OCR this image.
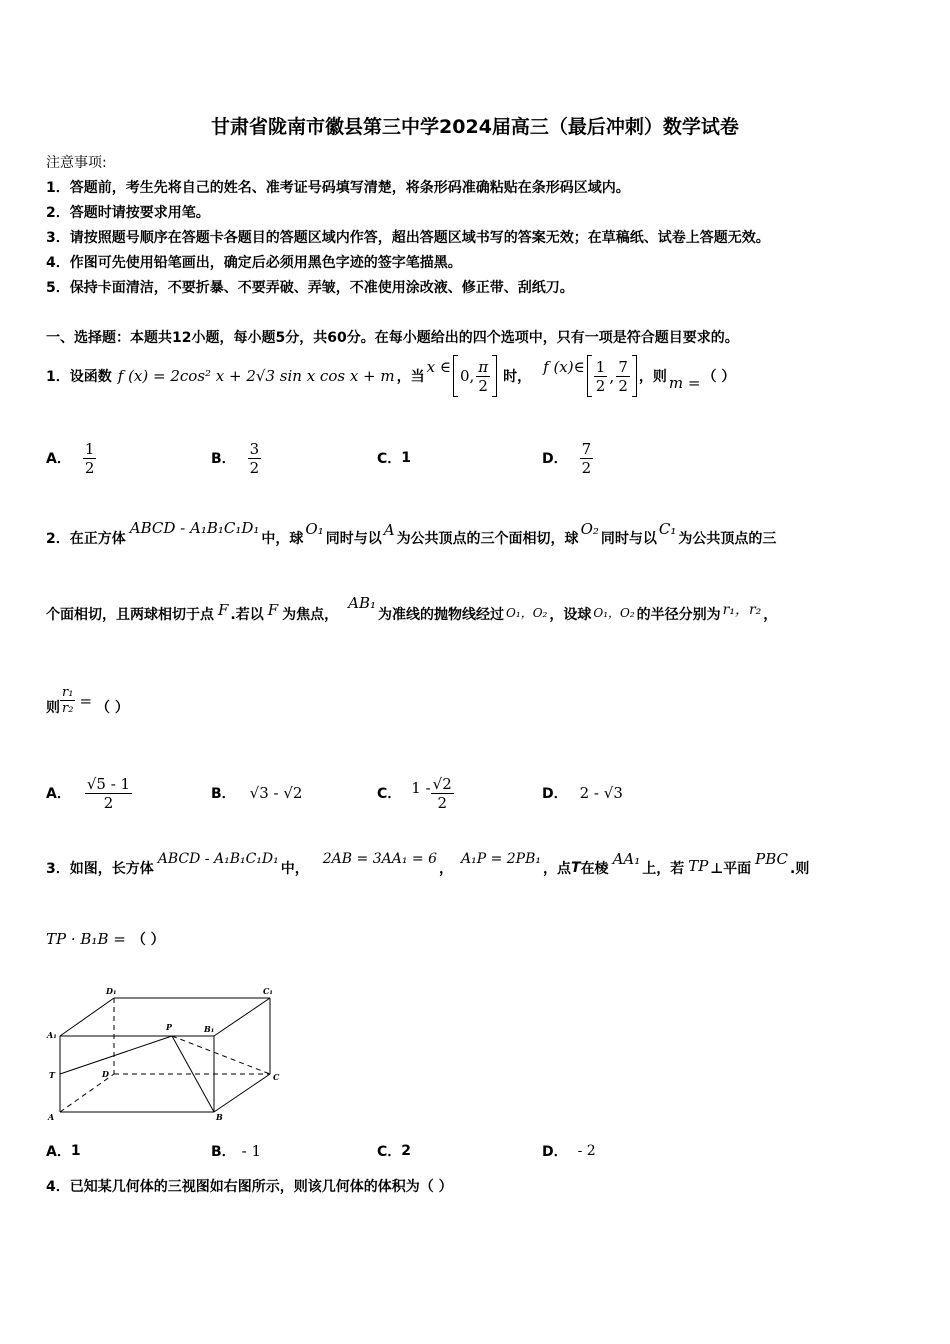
甘肃省陇南市徽县第三中学2024届高三（最后冲刺）数学试卷
注意事项:
1．答题前，考生先将自己的姓名、准考证号码填写清楚，将条形码准确粘贴在条形码区域内。
2．答题时请按要求用笔。
3．请按照题号顺序在答题卡各题目的答题区域内作答，超出答题区域书写的答案无效；在草稿纸、试卷上答题无效。
4．作图可先使用铅笔画出，确定后必须用黑色字迹的签字笔描黑。
5．保持卡面清洁，不要折暴、不要弄破、弄皱，不准使用涂改液、修正带、刮纸刀。
一、选择题：本题共12小题，每小题5分，共60分。在每小题给出的四个选项中，只有一项是符合题目要求的。
1．设函数 f (x) = 2cos² x + 2√3 sin x cos x + m ，当
x ∈ 0, $\frac{\pi}{2}$ 时，
f (x)∈ $\frac{1}{2}$ , $\frac{7}{2}$ ，则 m = （ ）
A． $\frac{1}{2}$	B． $\frac{3}{2}$	C． 1	D． $\frac{7}{2}$
2．在正方体
ABCD - A₁B₁C₁D₁
中，球
O₁
同时与以 A 为公共顶点的三个面相切，球
O₂
同时与以
C₁
为公共顶点的三
个面相切，且两球相切于点 F .若以 F 为焦点，
AB₁
为准线的抛物线经过 O₁，O₂ ，设球 O₁，O₂ 的半径分别为 r₁，r₂ ，
则 $\frac{\text{r₁}}{\text{r₂}}$ = （ ）
A． $\frac{√5 - 1}{2}$	B． √3 - √2	C． $1 - \frac{√2}{2}$	D． 2 - √3
3．如图，长方体
ABCD - A₁B₁C₁D₁
中，
2AB = 3AA₁ = 6
，
A₁P = 2PB₁
，点 T 在棱
AA₁
上，若 TP ⊥平面
PBC
.则
TP · B₁B = （ ）
A	B
C
D
A₁
B₁
C₁
D₁
P
T
A． 1	B． - 1	C． 2	D． - 2
4．已知某几何体的三视图如右图所示，则该几何体的体积为（ ）
